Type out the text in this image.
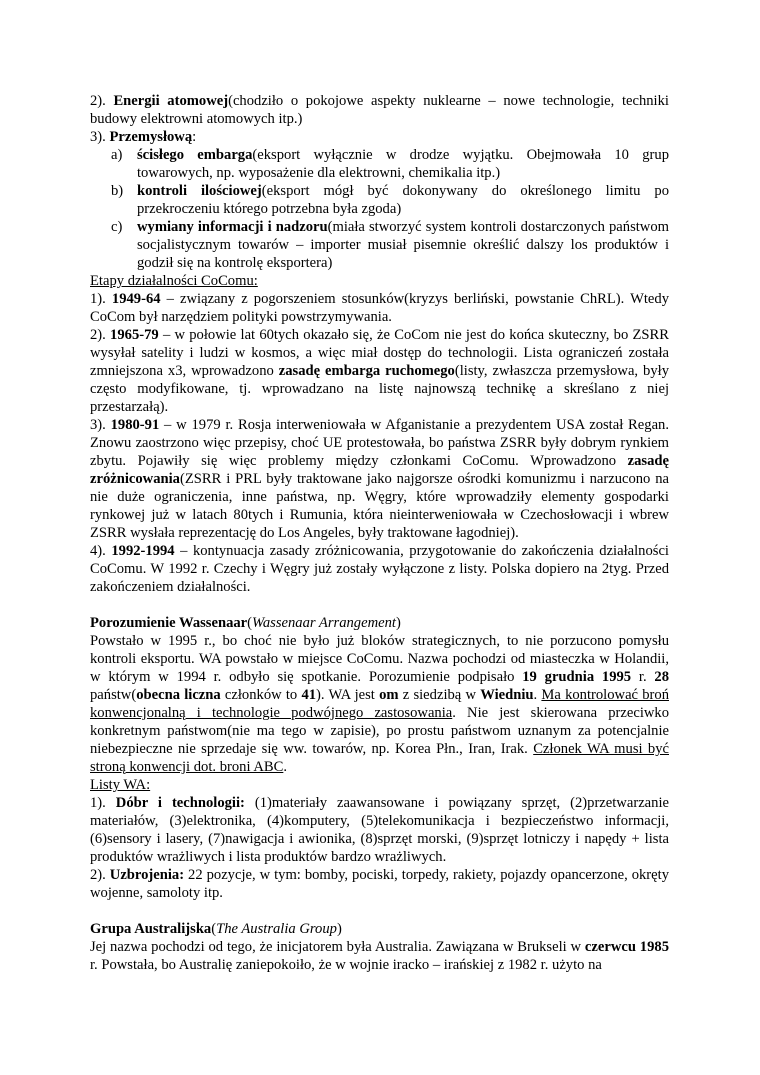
2). Energii atomowej(chodziło o pokojowe aspekty nuklearne – nowe technologie, techniki budowy elektrowni atomowych itp.)

3). Przemysłową:

a)	ścisłego embarga(eksport wyłącznie w drodze wyjątku. Obejmowała 10 grup towarowych, np. wyposażenie dla elektrowni, chemikalia itp.)
b) kontroli ilościowej(eksport mógł być dokonywany do określonego limitu po przekroczeniu którego potrzebna była zgoda)
c)	wymiany informacji i nadzoru(miała stworzyć system kontroli dostarczonych państwom socjalistycznym towarów – importer musiał pisemnie określić dalszy los produktów i godził się na kontrolę eksportera)

Etapy działalności CoComu:

1). 1949-64 – związany z pogorszeniem stosunków(kryzys berliński, powstanie ChRL). Wtedy CoCom był narzędziem polityki powstrzymywania.

2). 1965-79 – w połowie lat 60tych okazało się, że CoCom nie jest do końca skuteczny, bo ZSRR wysyłał satelity i ludzi w kosmos, a więc miał dostęp do technologii. Lista ograniczeń została zmniejszona x3, wprowadzono zasadę embarga ruchomego(listy, zwłaszcza przemysłowa, były często modyfikowane, tj. wprowadzano na listę najnowszą technikę a skreślano z niej przestarzałą).

3). 1980-91 – w 1979 r. Rosja interweniowała w Afganistanie a prezydentem USA został Regan. Znowu zaostrzono więc przepisy, choć UE protestowała, bo państwa ZSRR były dobrym rynkiem zbytu. Pojawiły się więc problemy między członkami CoComu. Wprowadzono zasadę zróżnicowania(ZSRR i PRL były traktowane jako najgorsze ośrodki komunizmu i narzucono na nie duże ograniczenia, inne państwa, np. Węgry, które wprowadziły elementy gospodarki rynkowej już w latach 80tych i Rumunia, która nieinterweniowała w Czechosłowacji i wbrew ZSRR wysłała reprezentację do Los Angeles, były traktowane łagodniej).

4). 1992-1994 – kontynuacja zasady zróżnicowania, przygotowanie do zakończenia działalności CoComu. W 1992 r. Czechy i Węgry już zostały wyłączone z listy. Polska dopiero na 2tyg. Przed zakończeniem działalności.

Porozumienie Wassenaar(Wassenaar Arrangement)

Powstało w 1995 r., bo choć nie było już bloków strategicznych, to nie porzucono pomysłu kontroli eksportu. WA powstało w miejsce CoComu. Nazwa pochodzi od miasteczka w Holandii, w którym w 1994 r. odbyło się spotkanie. Porozumienie podpisało 19 grudnia 1995 r. 28 państw(obecna liczna członków to 41). WA jest om z siedzibą w Wiedniu. Ma kontrolować broń konwencjonalną i technologie podwójnego zastosowania. Nie jest skierowana przeciwko konkretnym państwom(nie ma tego w zapisie), po prostu państwom uznanym za potencjalnie niebezpieczne nie sprzedaje się ww. towarów, np. Korea Płn., Iran, Irak. Członek WA musi być stroną konwencji dot. broni ABC.

Listy WA:

1). Dóbr i technologii: (1)materiały zaawansowane i powiązany sprzęt, (2)przetwarzanie materiałów, (3)elektronika, (4)komputery, (5)telekomunikacja i bezpieczeństwo informacji, (6)sensory i lasery, (7)nawigacja i awionika, (8)sprzęt morski, (9)sprzęt lotniczy i napędy + lista produktów wrażliwych i lista produktów bardzo wrażliwych.

2). Uzbrojenia: 22 pozycje, w tym: bomby, pociski, torpedy, rakiety, pojazdy opancerzone, okręty wojenne, samoloty itp.

Grupa Australijska(The Australia Group)

Jej nazwa pochodzi od tego, że inicjatorem była Australia. Zawiązana w Brukseli w czerwcu 1985 r. Powstała, bo Australię zaniepokoiło, że w wojnie iracko – irańskiej z 1982 r. użyto na
